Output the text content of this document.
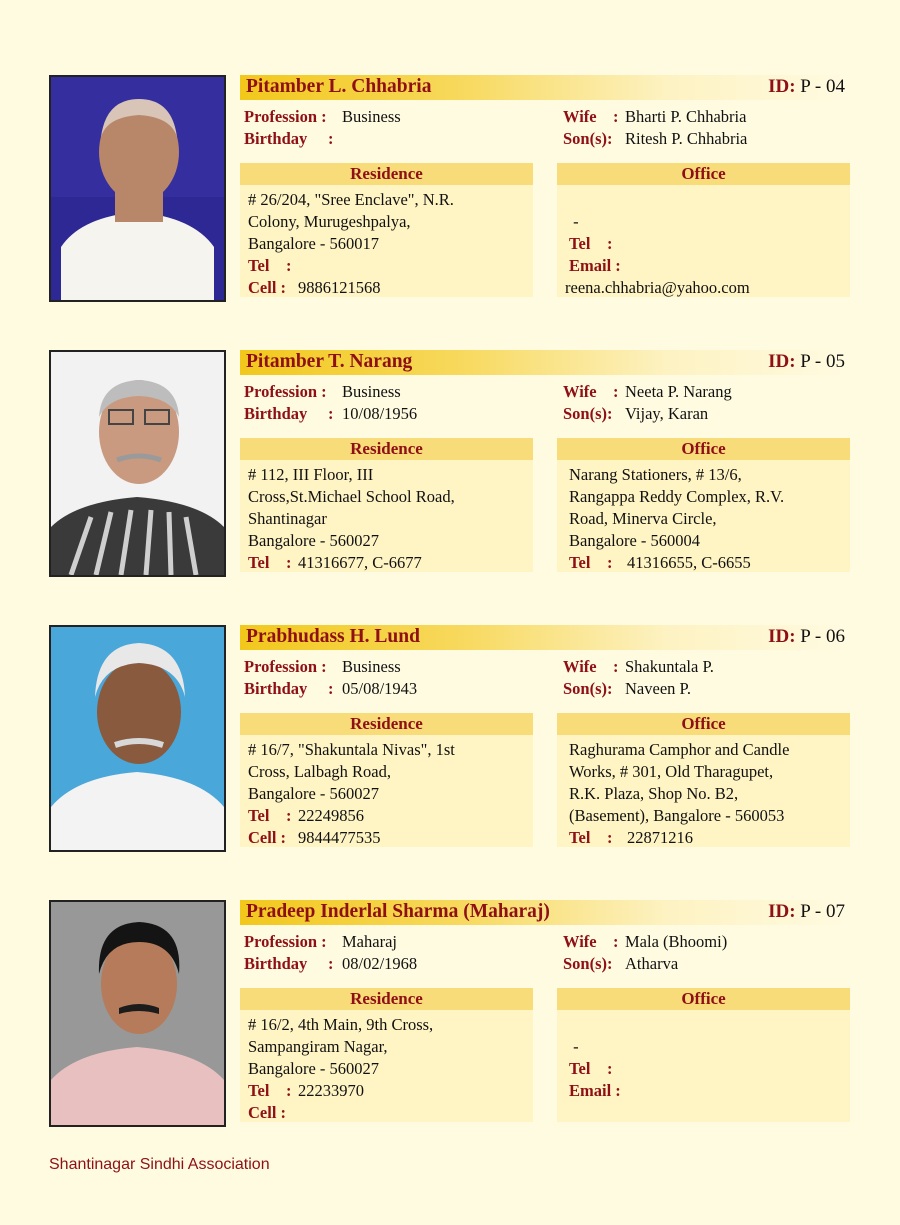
Pitamber L. Chhabria	ID: P - 04
Profession : Business
Birthday :
Wife : Bharti P. Chhabria
Son(s): Ritesh P. Chhabria
Residence
# 26/204, "Sree Enclave", N.R.
Colony, Murugeshpalya,
Bangalore - 560017
Tel :
Cell : 9886121568
Office
-
Tel :
Email :
reena.chhabria@yahoo.com
Pitamber T. Narang	ID: P - 05
Profession : Business
Birthday : 10/08/1956
Wife : Neeta P. Narang
Son(s): Vijay, Karan
Residence
# 112, III Floor, III
Cross,St.Michael School Road,
Shantinagar
Bangalore - 560027
Tel : 41316677, C-6677
Office
Narang Stationers, # 13/6,
Rangappa Reddy Complex, R.V.
Road, Minerva Circle,
Bangalore - 560004
Tel : 41316655, C-6655
Prabhudass H. Lund	ID: P - 06
Profession : Business
Birthday : 05/08/1943
Wife : Shakuntala P.
Son(s): Naveen P.
Residence
# 16/7, "Shakuntala Nivas", 1st
Cross, Lalbagh Road,
Bangalore - 560027
Tel : 22249856
Cell : 9844477535
Office
Raghurama Camphor and Candle
Works, # 301, Old Tharagupet,
R.K. Plaza, Shop No. B2,
(Basement), Bangalore - 560053
Tel : 22871216
Pradeep Inderlal Sharma (Maharaj)	ID: P - 07
Profession : Maharaj
Birthday : 08/02/1968
Wife : Mala (Bhoomi)
Son(s): Atharva
Residence
# 16/2, 4th Main, 9th Cross,
Sampangiram Nagar,
Bangalore - 560027
Tel : 22233970
Cell :
Office
-
Tel :
Email :
Shantinagar Sindhi Association
